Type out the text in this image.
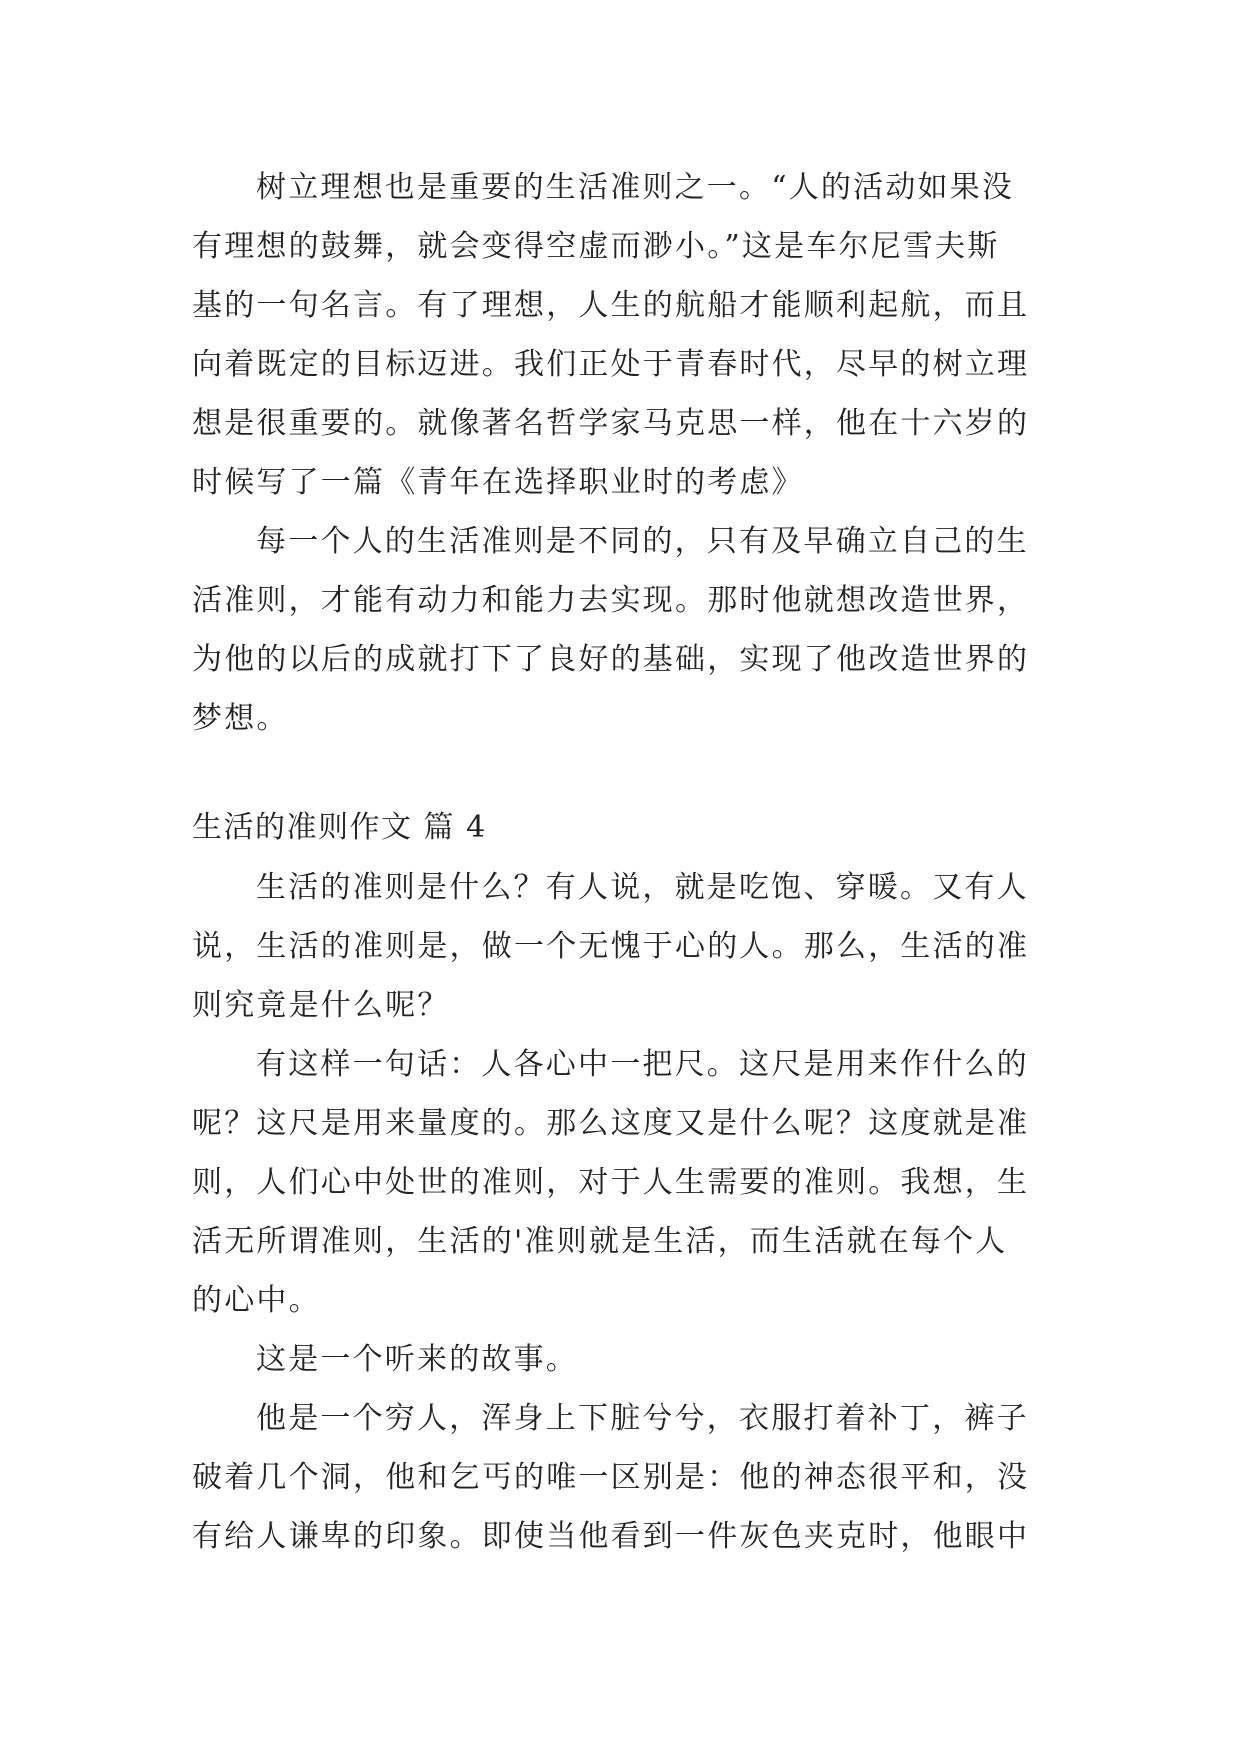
树立理想也是重要的生活准则之一。“人的活动如果没
有理想的鼓舞，就会变得空虚而渺小。”这是车尔尼雪夫斯
基的一句名言。有了理想，人生的航船才能顺利起航，而且
向着既定的目标迈进。我们正处于青春时代，尽早的树立理
想是很重要的。就像著名哲学家马克思一样，他在十六岁的
时候写了一篇《青年在选择职业时的考虑》
每一个人的生活准则是不同的，只有及早确立自己的生
活准则，才能有动力和能力去实现。那时他就想改造世界，
为他的以后的成就打下了良好的基础，实现了他改造世界的
梦想。
生活的准则作文 篇 4
生活的准则是什么？有人说，就是吃饱、穿暖。又有人
说，生活的准则是，做一个无愧于心的人。那么，生活的准
则究竟是什么呢？
有这样一句话：人各心中一把尺。这尺是用来作什么的
呢？这尺是用来量度的。那么这度又是什么呢？这度就是准
则，人们心中处世的准则，对于人生需要的准则。我想，生
活无所谓准则，生活的'准则就是生活，而生活就在每个人
的心中。
这是一个听来的故事。
他是一个穷人，浑身上下脏兮兮，衣服打着补丁，裤子
破着几个洞，他和乞丐的唯一区别是：他的神态很平和，没
有给人谦卑的印象。即使当他看到一件灰色夹克时，他眼中
